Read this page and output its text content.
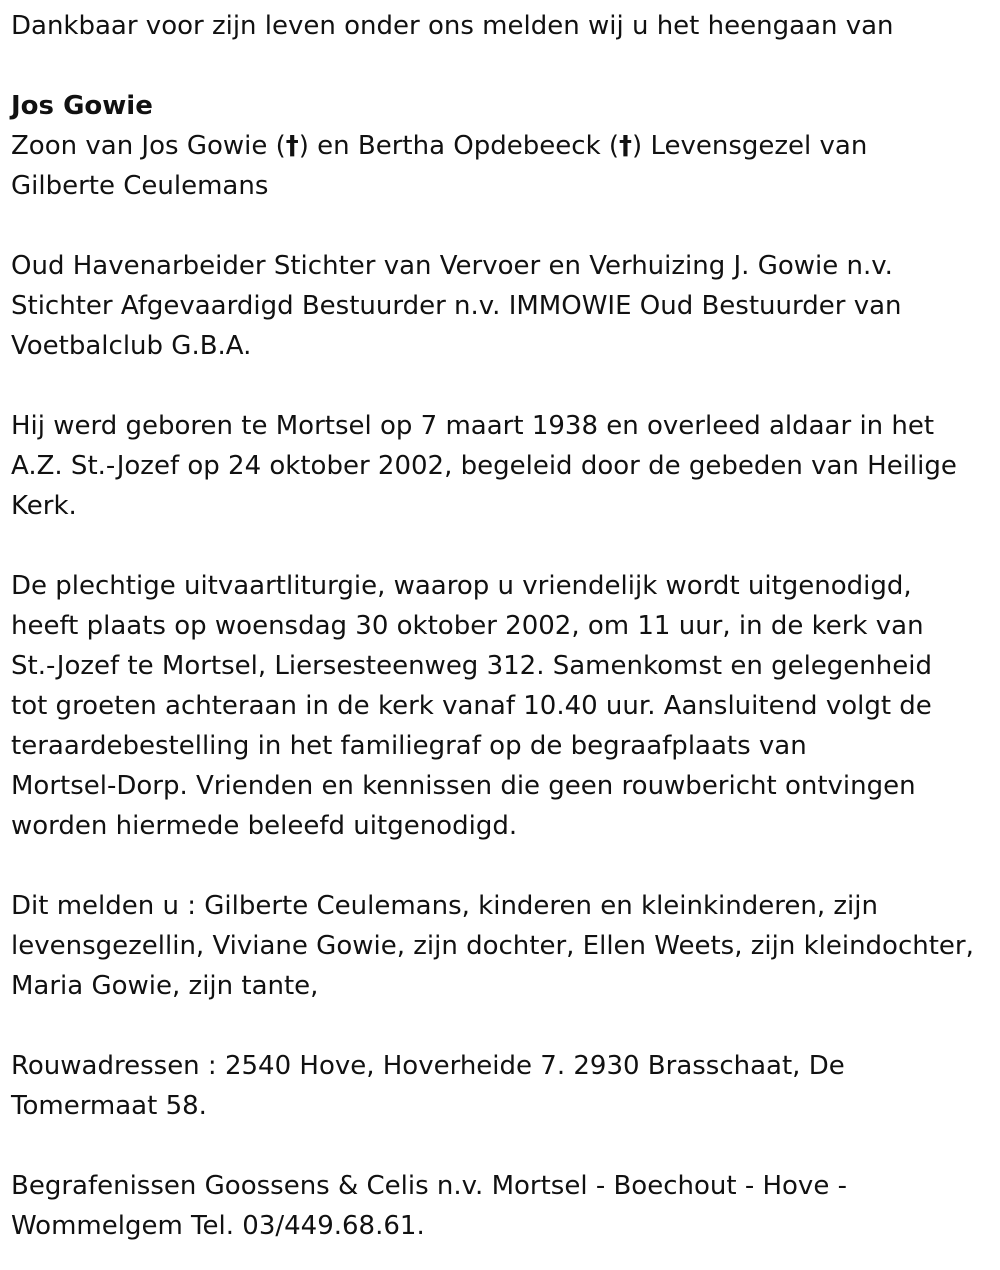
Dankbaar voor zijn leven onder ons melden wij u het heengaan van

Jos Gowie

Zoon van Jos Gowie (†) en Bertha Opdebeeck (†) Levensgezel van

Gilberte Ceulemans

Oud Havenarbeider Stichter van Vervoer en Verhuizing J. Gowie n.v.

Stichter Afgevaardigd Bestuurder n.v. IMMOWIE Oud Bestuurder van

Voetbalclub G.B.A.

Hij werd geboren te Mortsel op 7 maart 1938 en overleed aldaar in het

A.Z. St.-Jozef op 24 oktober 2002, begeleid door de gebeden van Heilige

Kerk.

De plechtige uitvaartliturgie, waarop u vriendelijk wordt uitgenodigd,

heeft plaats op woensdag 30 oktober 2002, om 11 uur, in de kerk van

St.-Jozef te Mortsel, Liersesteenweg 312. Samenkomst en gelegenheid

tot groeten achteraan in de kerk vanaf 10.40 uur. Aansluitend volgt de

teraardebestelling in het familiegraf op de begraafplaats van

Mortsel-Dorp. Vrienden en kennissen die geen rouwbericht ontvingen

worden hiermede beleefd uitgenodigd.

Dit melden u : Gilberte Ceulemans, kinderen en kleinkinderen, zijn

levensgezellin, Viviane Gowie, zijn dochter, Ellen Weets, zijn kleindochter,

Maria Gowie, zijn tante,

Rouwadressen : 2540 Hove, Hoverheide 7. 2930 Brasschaat, De

Tomermaat 58.

Begrafenissen Goossens & Celis n.v. Mortsel - Boechout - Hove -

Wommelgem Tel. 03/449.68.61.
